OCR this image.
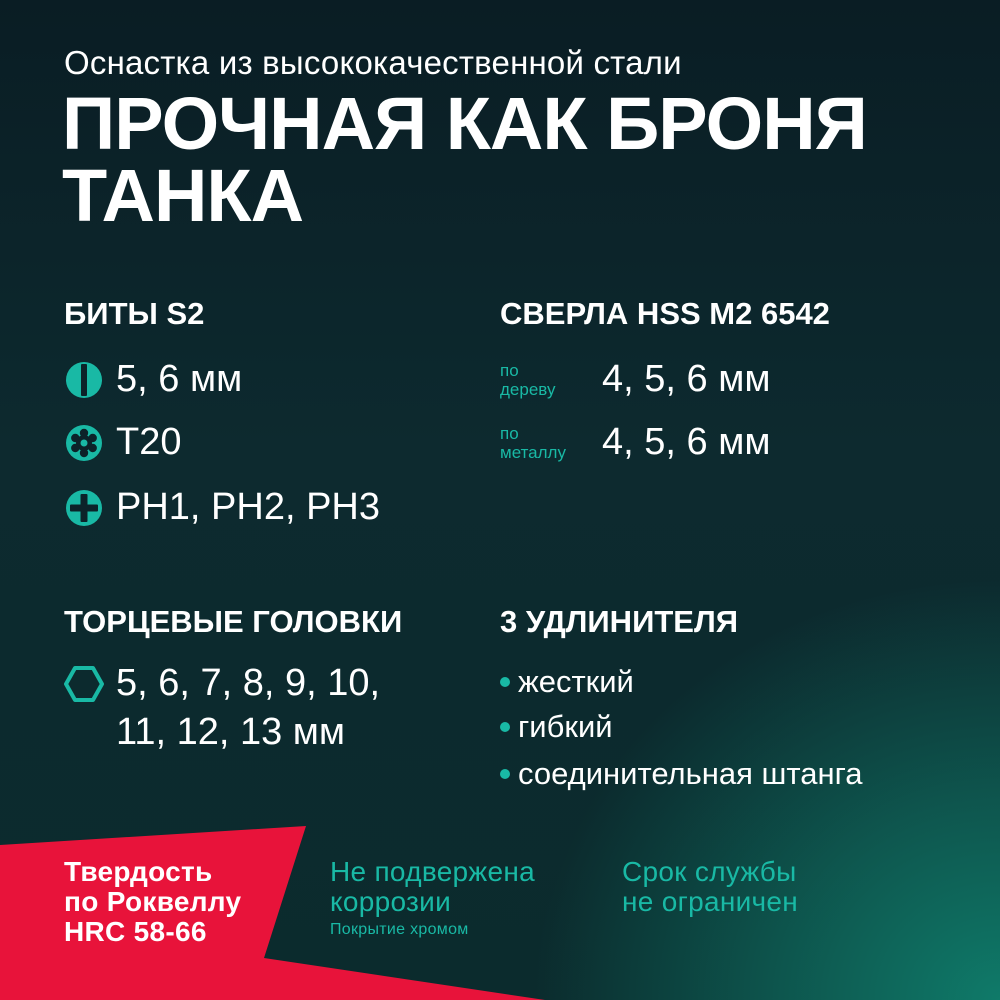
Оснастка из высококачественной стали
ПРОЧНАЯ КАК БРОНЯ
ТАНКА
БИТЫ S2
5, 6 мм
T20
PH1, PH2, PH3
СВЕРЛА HSS M2 6542
по
дереву	4, 5, 6 мм
по
металлу 4, 5, 6 мм
ТОРЦЕВЫЕ ГОЛОВКИ
5, 6, 7, 8, 9, 10,
11, 12, 13 мм
3 УДЛИНИТЕЛЯ
жесткий
гибкий
соединительная штанга
Твердость
по Роквеллу
HRC 58-66
Не подвержена
коррозии
Покрытие хромом
Срок службы
не ограничен
